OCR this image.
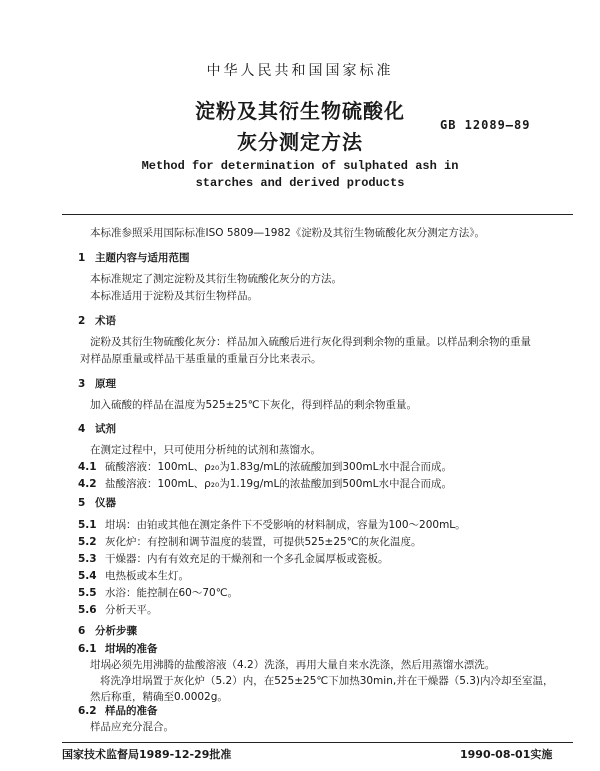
中华人民共和国国家标准
淀粉及其衍生物硫酸化
GB 12089—89
灰分测定方法
Method for determination of sulphated ash in
starches and derived products
本标准参照采用国际标准ISO 5809—1982《淀粉及其衍生物硫酸化灰分测定方法》。
1 主题内容与适用范围
本标准规定了测定淀粉及其衍生物硫酸化灰分的方法。
本标准适用于淀粉及其衍生物样品。
2 术语
淀粉及其衍生物硫酸化灰分：样品加入硫酸后进行灰化得到剩余物的重量。以样品剩余物的重量
对样品原重量或样品干基重量的重量百分比来表示。
3 原理
加入硫酸的样品在温度为525±25℃下灰化，得到样品的剩余物重量。
4 试剂
在测定过程中，只可使用分析纯的试剂和蒸馏水。
4.1 硫酸溶液：100mL、ρ₂₀为1.83g/mL的浓硫酸加到300mL水中混合而成。
4.2 盐酸溶液：100mL、ρ₂₀为1.19g/mL的浓盐酸加到500mL水中混合而成。
5 仪器
5.1 坩埚：由铂或其他在测定条件下不受影响的材料制成，容量为100～200mL。
5.2 灰化炉：有控制和调节温度的装置，可提供525±25℃的灰化温度。
5.3 干燥器：内有有效充足的干燥剂和一个多孔金属厚板或瓷板。
5.4 电热板或本生灯。
5.5 水浴：能控制在60～70℃。
5.6 分析天平。
6 分析步骤
6.1 坩埚的准备
坩埚必须先用沸腾的盐酸溶液（4.2）洗涤，再用大量自来水洗涤，然后用蒸馏水漂洗。
将洗净坩埚置于灰化炉（5.2）内，在525±25℃下加热30min,并在干燥器（5.3)内冷却至室温，
然后称重，精确至0.0002g。
6.2 样品的准备
样品应充分混合。
国家技术监督局1989-12-29批准	1990-08-01实施
